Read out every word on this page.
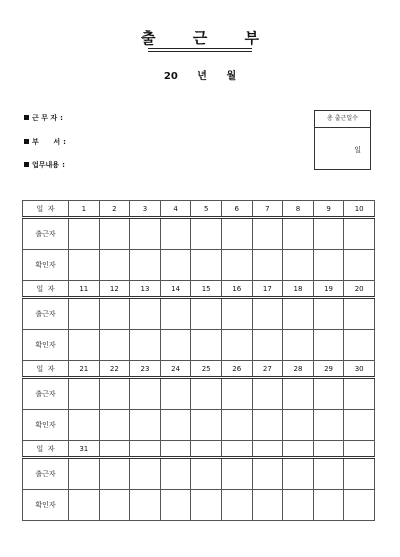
출 근 부
20 년 월
근 무 자 :
부      서 :
업무내용 :
총 출근일수
일
일  자	1	2	3	4	5	6	7	8	9	10
출근자										
확인자										
일  자	11	12	13	14	15	16	17	18	19	20
출근자										
확인자										
일  자	21	22	23	24	25	26	27	28	29	30
출근자										
확인자										
일  자	31									
출근자										
확인자										
